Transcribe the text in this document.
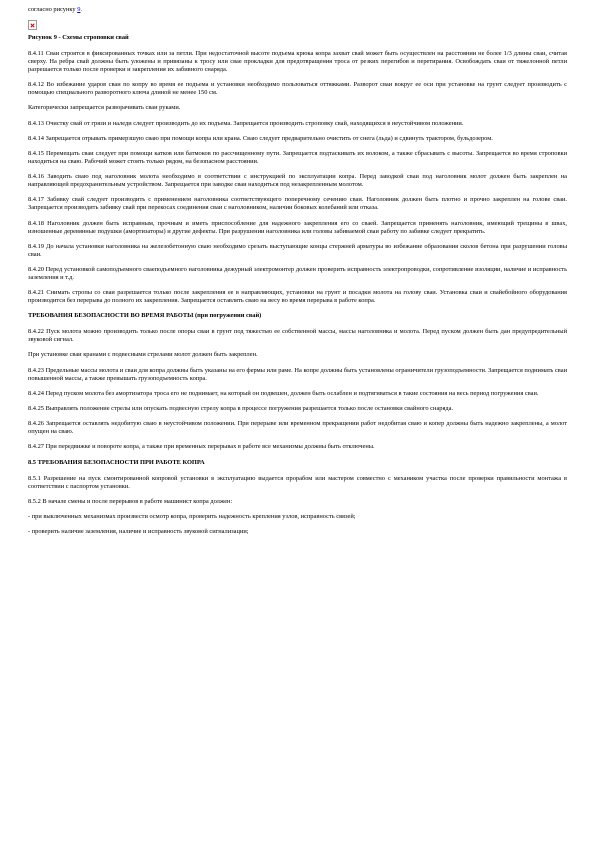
согласно рисунку 9.

Рисунок 9 - Схемы строповки свай

8.4.11 Сваи строятся в фиксированных точках или за петли. При недостаточной высоте подъема крюка копра захват свай может быть осуществлен на расстоянии не более 1/3 длины сваи, считая сверху. На ребра свай должны быть уложены и привязаны к тросу или свае прокладки для предотвращения троса от резких перегибов и перетирания. Освобождать сваи от тяжелонной петли разрешается только после проверки и закрепления их забивного снаряда.

8.4.12 Во избежание ударов сваи по копру во время ее подъема и установки необходимо пользоваться оттяжками. Разворот сваи вокруг ее оси при установке на грунт следует производить с помощью специального разворотного ключа длиной не менее 150 см.

Категорически запрещается разворачивать сваи руками.

8.4.13 Очистку свай от грязи и наледи следует производить до их подъема. Запрещается производить строповку свай, находящихся в неустойчивом положении.

8.4.14 Запрещается отрывать примерзшую сваю при помощи копра или крана. Сваю следует предварительно очистить от снега (льда) и сдвинуть трактором, бульдозером.

8.4.15 Перемещать сваи следует при помощи катков или батмоков по рассчищенному пути. Запрещается подтаскивать их волоком, а также сбрасывать с высоты. Запрещается во время строповки находиться на сваю. Рабочий может стоять только рядом, на безопасном расстоянии.

8.4.16 Заводить сваю под наголовник молота необходимо в соответствии с инструкцией по эксплуатации копра. Перед заводкой сваи под наголовник молот должен быть закреплен на направляющей предохранительным устройством. Запрещается при заводке сваи находиться под незакрепленным молотом.

8.4.17 Забивку свай следует производить с применением наголовника соответствующего поперечному сечению сваи. Наголовник должен быть плотно и прочно закреплен на голове сваи. Запрещается производить забивку свай при перекосах соединения сваи с наголовником, наличии боковых колебаний или отказа.

8.4.18 Наголовник должен быть исправным, прочным и иметь приспособление для надежного закрепления его со сваей. Запрещается применять наголовник, имеющий трещины в швах, изношенные деревянные подушки (амортизаторы) и другие дефекты. При разрушении наголовника или головы забиваемой сваи работу по забивке следует прекратить.

8.4.19 До начала установки наголовника на железобетонную сваю необходимо срезать выступающие концы стержней арматуры во избежание образования сколов бетона при разрушении головы сваи.

8.4.20 Перед установкой самоподъемного сваеподъемного наголовника дежурный электромонтер должен проверить исправность электропроводки, сопротивление изоляции, наличие и исправность заземления и т.д.

8.4.21 Снимать стропы со сваи разрешается только после закрепления ее в направляющих, установки на грунт и посадки молота на голову сваи. Установка сваи и свайебойного оборудования производится без перерыва до полного их закрепления. Запрещается оставлять сваю на весу во время перерыва в работе копра.

ТРЕБОВАНИЯ БЕЗОПАСНОСТИ ВО ВРЕМЯ РАБОТЫ (при погружении свай)

8.4.22 Пуск молота можно производить только после опоры сваи в грунт под тяжестью ее собственной массы, массы наголовника и молота. Перед пуском должен быть дан предупредительный звуковой сигнал.

При установке сваи кранами с подвесными стрелами молот должен быть закреплен.

8.4.23 Предельные массы молота и сваи для копра должны быть указаны на его фермы или раме. На копре должны быть установлены ограничители грузоподъемности. Запрещается поднимать сваи повышенной массы, а также превышать грузоподъемность копра.

8.4.24 Перед пуском молота без амортизатора троса его не поднимает, на который он подвешен, должен быть ослаблен и подтягиваться в такие состояния на весь период погружения сваи.

8.4.25 Выправлять положение стрелы или опускать подвесную стрелу копра в процессе погружения разрешается только после остановки свайного снаряда.

8.4.26 Запрещается оставлять недобитую сваю в неустойчивом положении. При перерыве или временном прекращении работ недобитая сваю и копер должны быть надежно закреплены, а молот опущен на сваю.

8.4.27 При передвижке и повороте копра, а также при временных перерывах в работе все механизмы должны быть отключены.

8.5 ТРЕБОВАНИЯ БЕЗОПАСНОСТИ ПРИ РАБОТЕ КОПРА

8.5.1 Разрешение на пуск смонтированной копровой установки в эксплуатацию выдается прорабом или мастером совместно с механиком участка после проверки правильности монтажа в соответствии с паспортом установки.

8.5.2 В начале смены и после перерывов в работе машинист копра должен:

- при выключенных механизмах произвести осмотр копра, проверить надежность крепления узлов, исправность связей;

- проверить наличие заземления, наличие и исправность звуковой сигнализации;
